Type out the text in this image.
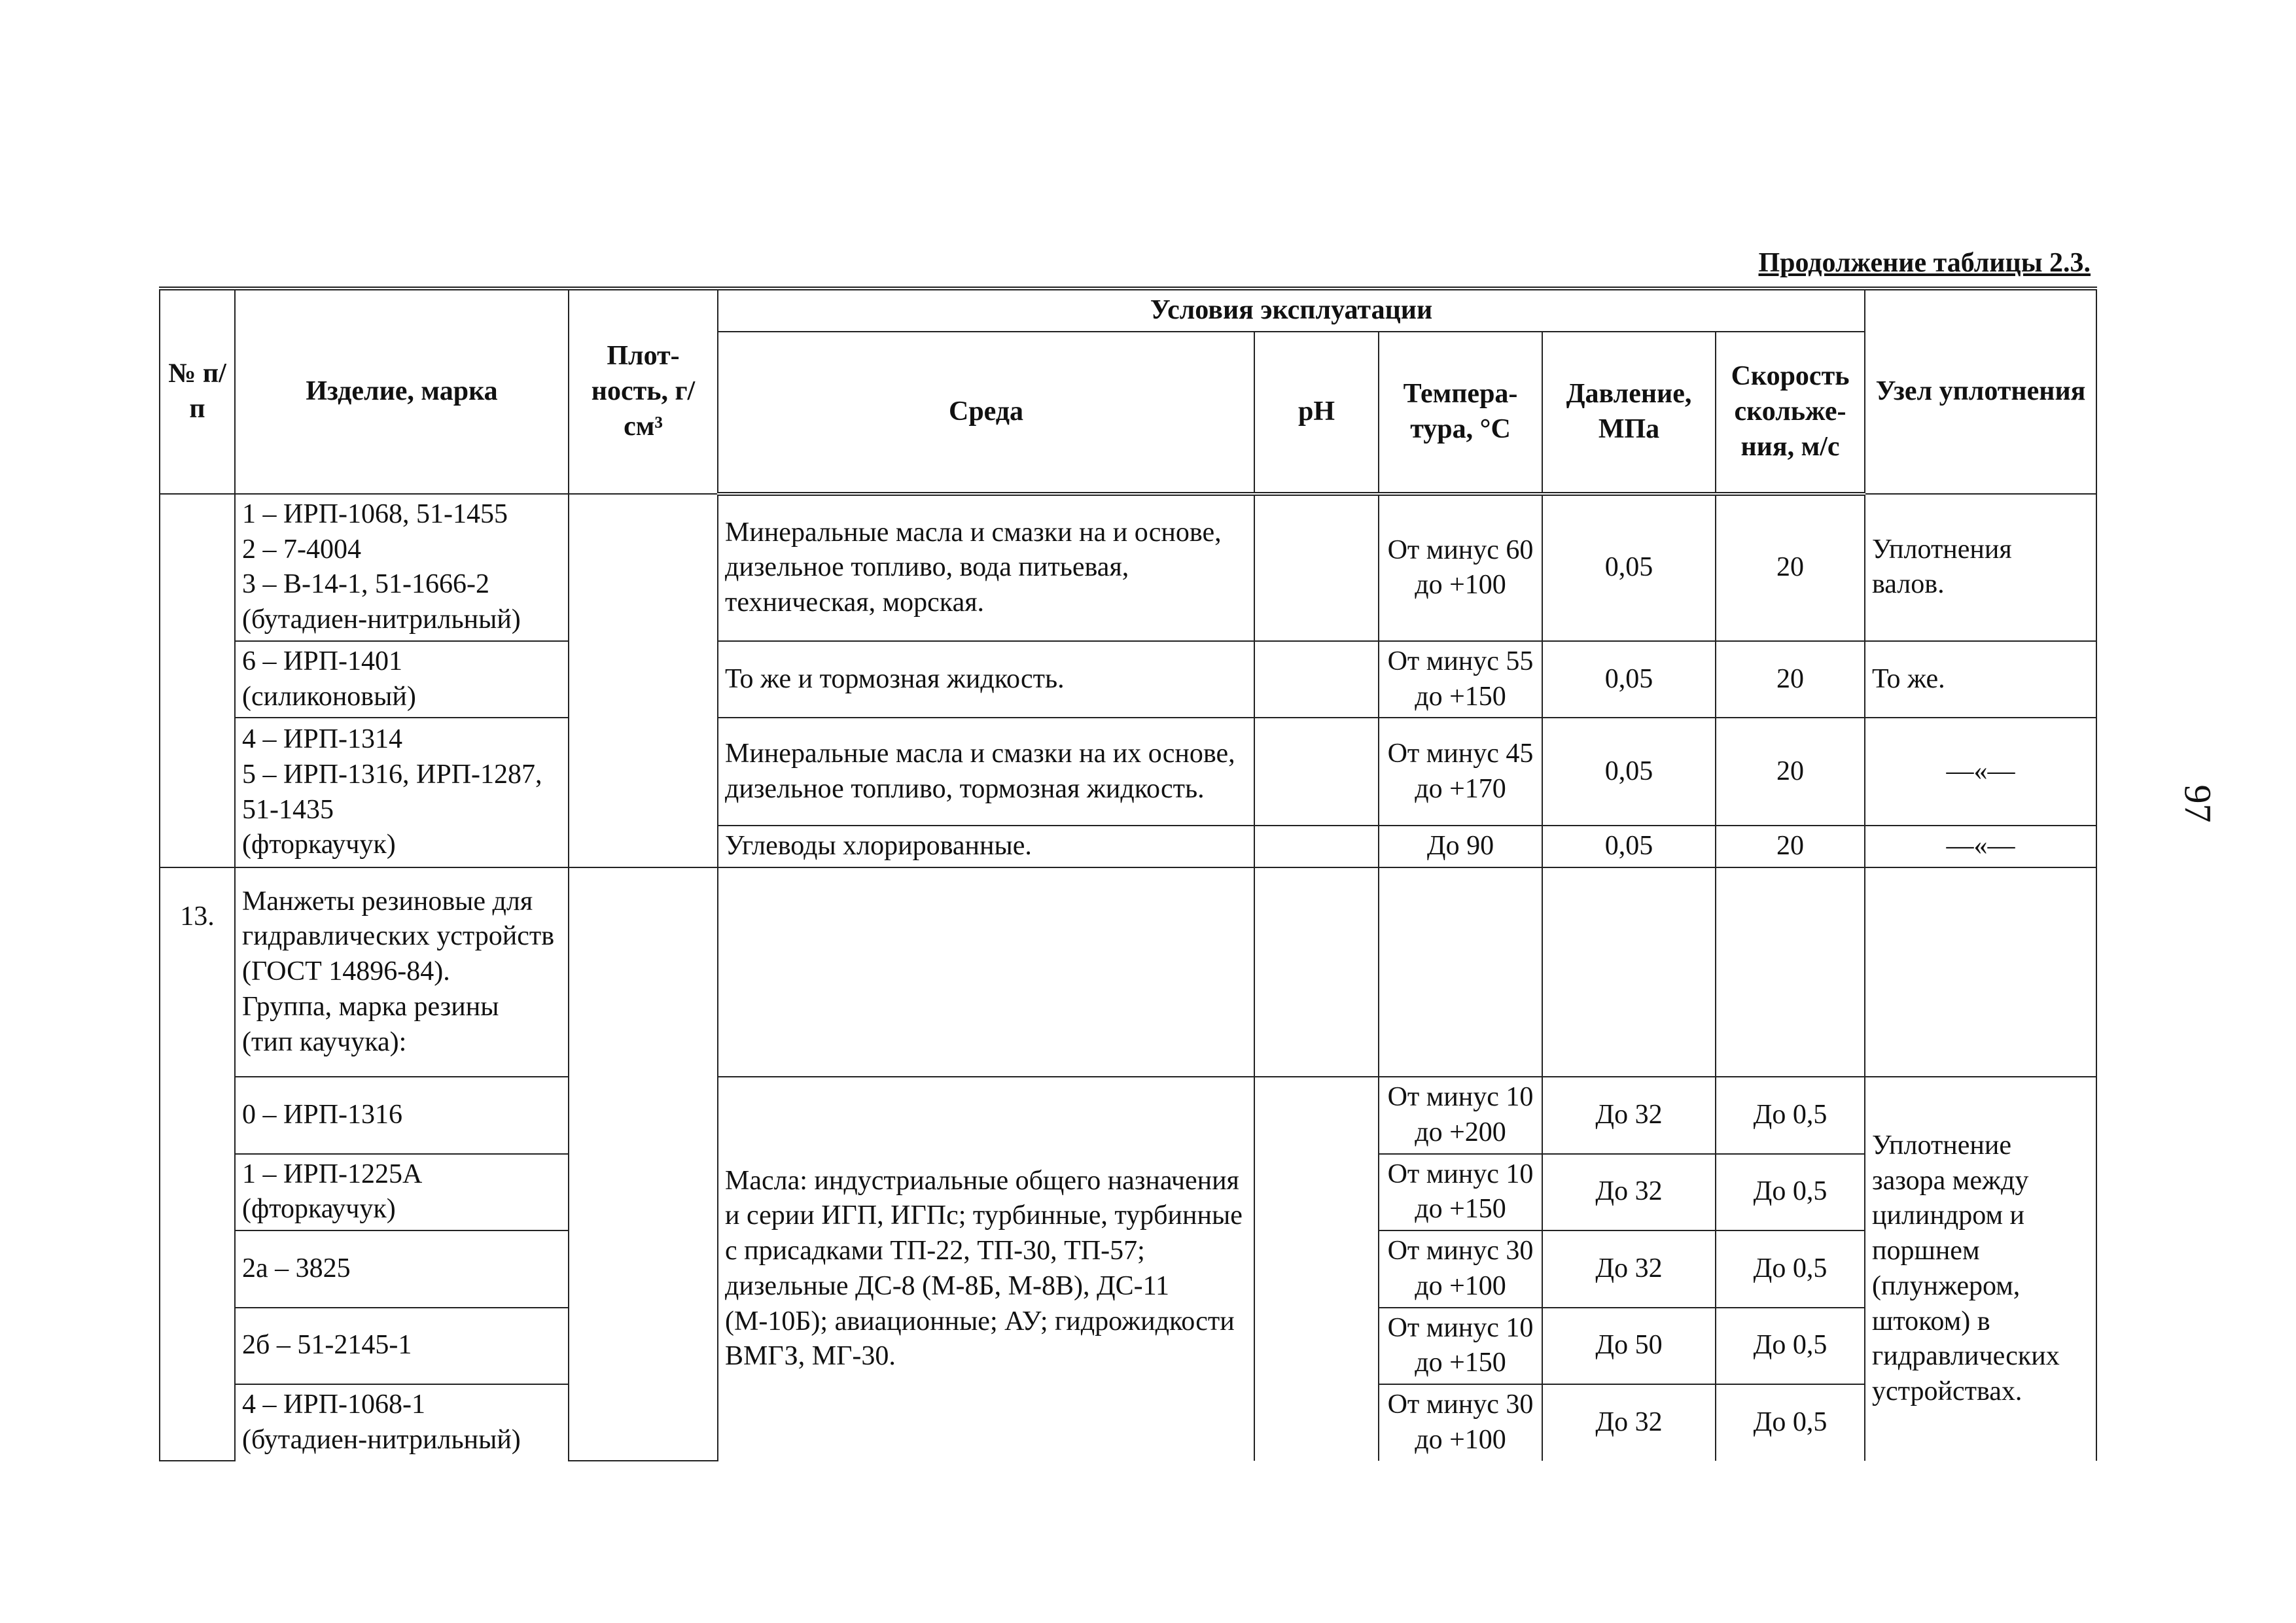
Продолжение таблицы 2.3.
97
№ п/п	Изделие, марка	Плот-ность, г/см³	Условия эксплуатации					Узел уплотнения
			Среда	pH	Темпера-тура, °С	Давление, МПа	Скорость скольже-ния, м/с	
	1 – ИРП-1068, 51-1455
2 – 7-4004
3 – В-14-1, 51-1666-2
(бутадиен-нитрильный)		Минеральные масла и смазки на и основе, дизельное топливо, вода питьевая, техническая, морская.		От минус 60 до +100	0,05	20	Уплотнения валов.
	6 – ИРП-1401
(силиконовый)		То же и тормозная жидкость.		От минус 55 до +150	0,05	20	То же.
	4 – ИРП-1314
5 – ИРП-1316, ИРП-1287, 51-1435
(фторкаучук)		Минеральные масла и смазки на их основе, дизельное топливо, тормозная жидкость.		От минус 45 до +170	0,05	20	—«—
			Углеводы хлорированные.		До 90	0,05	20	—«—
13.	Манжеты резиновые для гидравлических устройств
(ГОСТ 14896-84).
Группа, марка резины
(тип каучука):							
	0 – ИРП-1316		Масла: индустриальные общего назначения и серии ИГП, ИГПс; турбинные, турбинные с присадками ТП-22, ТП-30, ТП-57; дизельные ДС-8 (М-8Б, М-8В), ДС-11 (М-10Б); авиационные; АУ; гидрожидкости ВМГЗ, МГ-30.		От минус 10 до +200	До 32	До 0,5	Уплотнение зазора между цилиндром и поршнем (плунжером, штоком) в гидравлических устройствах.
	1 – ИРП-1225А
(фторкаучук)				От минус 10 до +150	До 32	До 0,5	
	2а – 3825				От минус 30 до +100	До 32	До 0,5	
	2б – 51-2145-1				От минус 10 до +150	До 50	До 0,5	
	4 – ИРП-1068-1
(бутадиен-нитрильный)				От минус 30 до +100	До 32	До 0,5	
